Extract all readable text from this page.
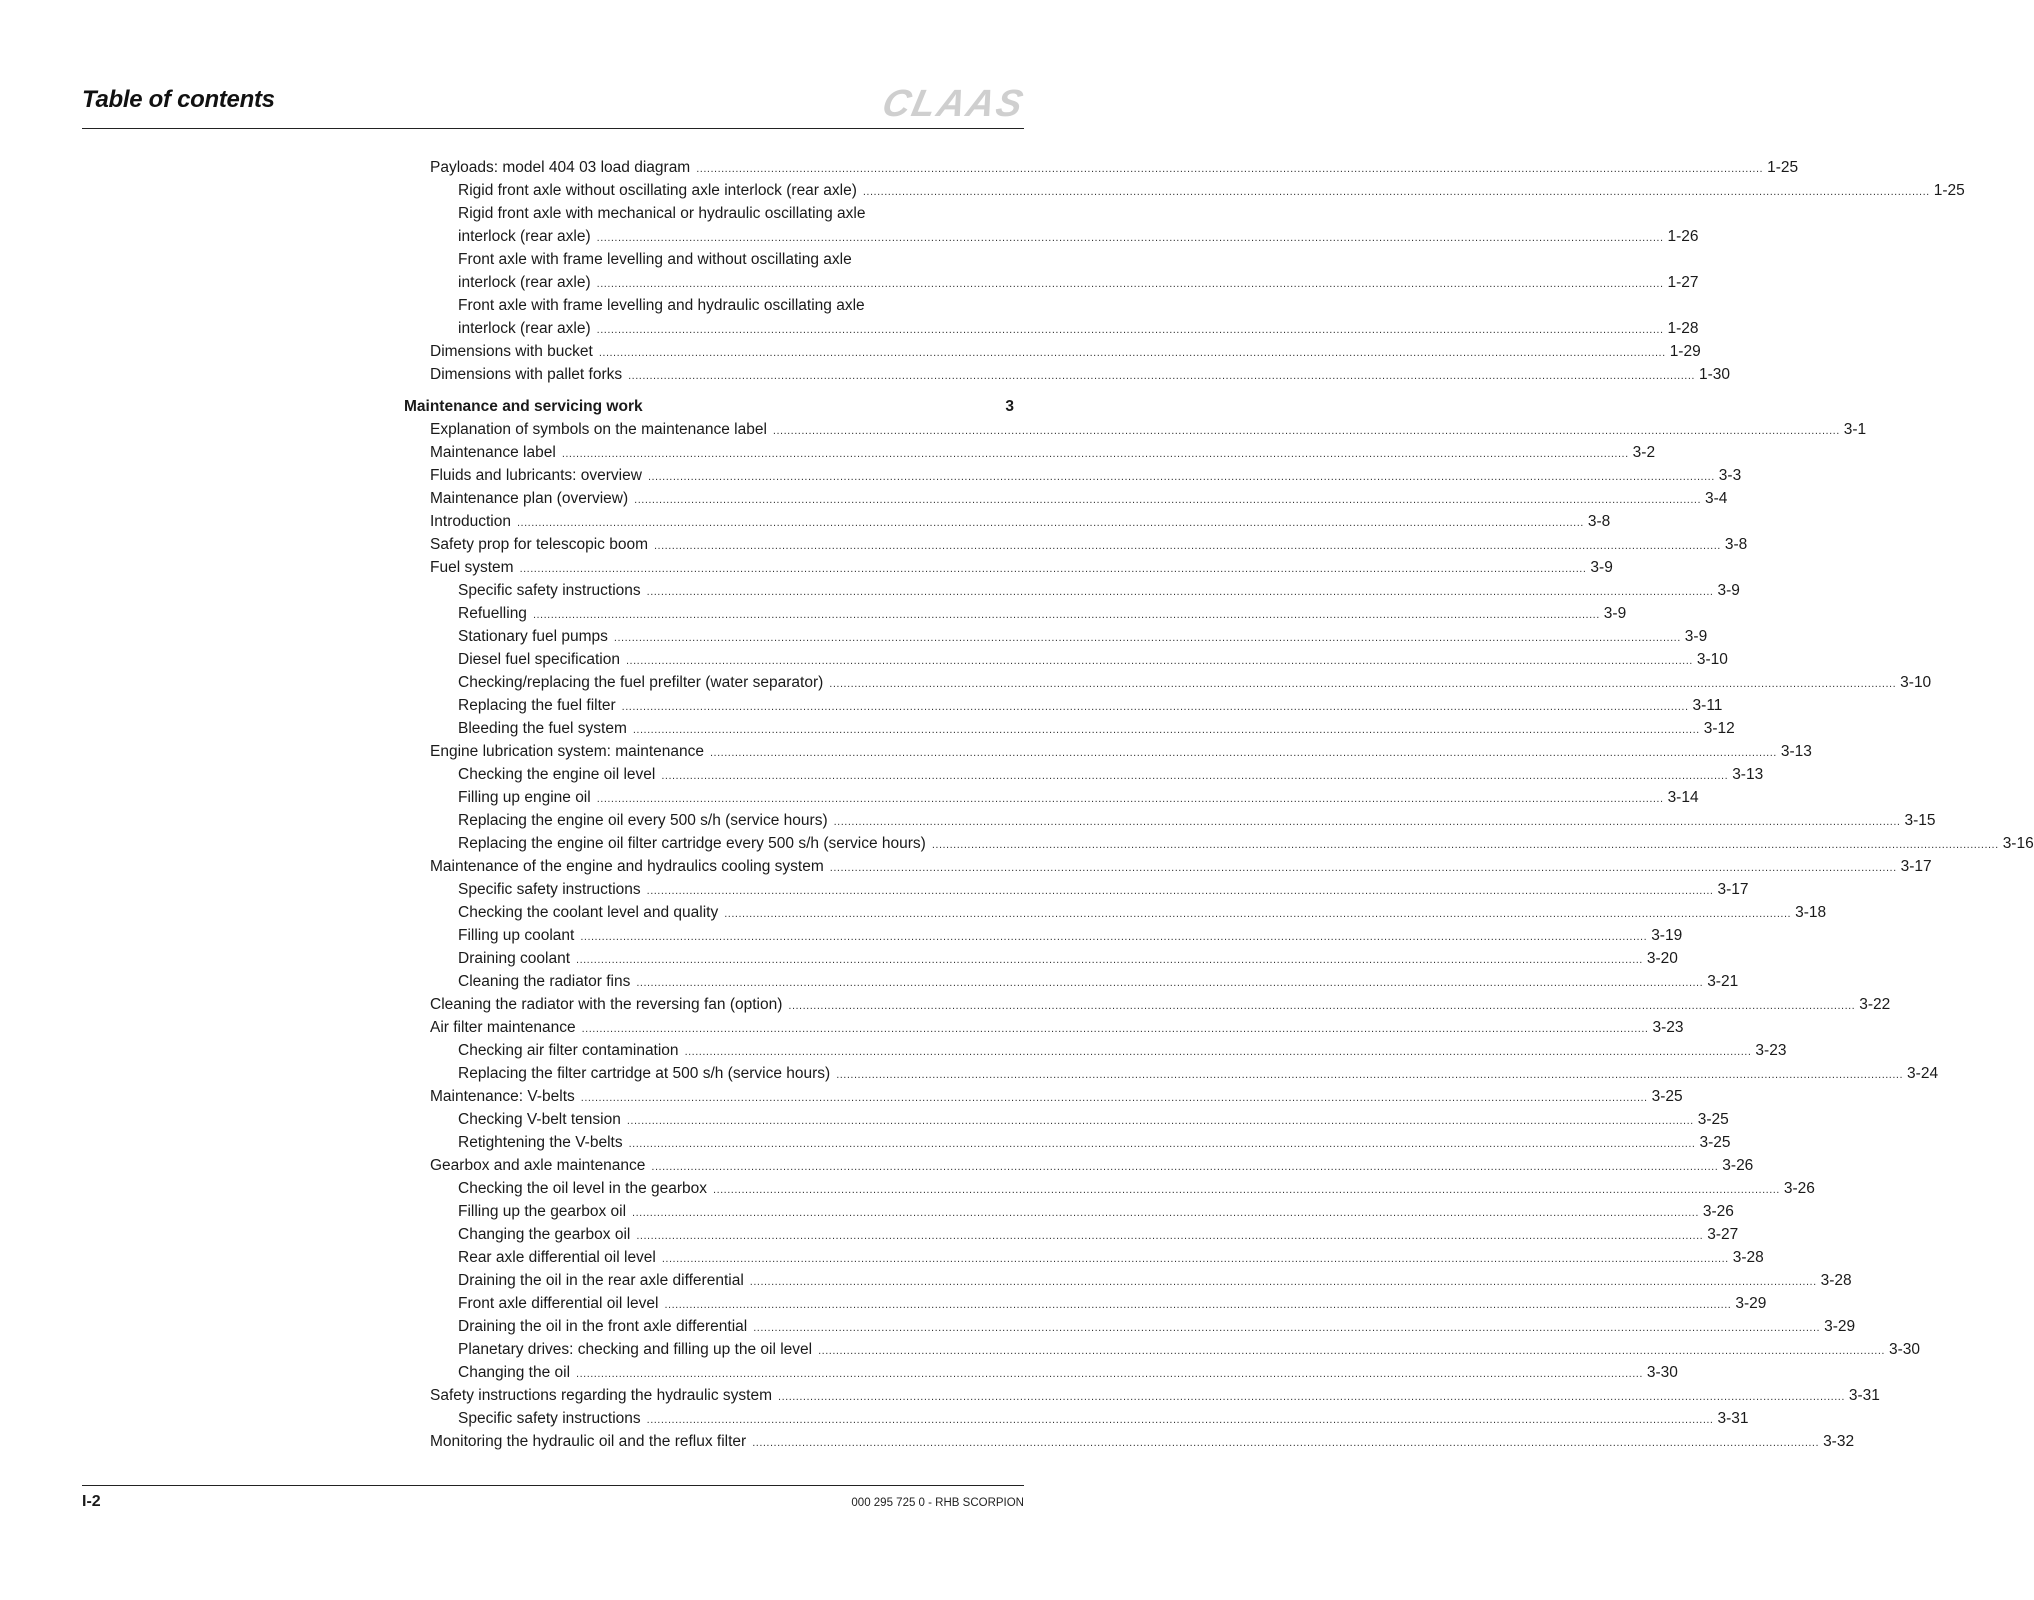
Table of contents	CLAAS
Payloads: model 404 03 load diagram ............................................................................................................................................................................................................................................................................................................ 1-25
Rigid front axle without oscillating axle interlock (rear axle) ............................................................................................................................................................................................................................................................................................................ 1-25
Rigid front axle with mechanical or hydraulic oscillating axle
interlock (rear axle) ............................................................................................................................................................................................................................................................................................................ 1-26
Front axle with frame levelling and without oscillating axle
interlock (rear axle) ............................................................................................................................................................................................................................................................................................................ 1-27
Front axle with frame levelling and hydraulic oscillating axle
interlock (rear axle) ............................................................................................................................................................................................................................................................................................................ 1-28
Dimensions with bucket ............................................................................................................................................................................................................................................................................................................ 1-29
Dimensions with pallet forks ............................................................................................................................................................................................................................................................................................................ 1-30
Maintenance and servicing work	3
Explanation of symbols on the maintenance label ............................................................................................................................................................................................................................................................................................................ 3-1
Maintenance label ............................................................................................................................................................................................................................................................................................................ 3-2
Fluids and lubricants: overview ............................................................................................................................................................................................................................................................................................................ 3-3
Maintenance plan (overview) ............................................................................................................................................................................................................................................................................................................ 3-4
Introduction ............................................................................................................................................................................................................................................................................................................ 3-8
Safety prop for telescopic boom ............................................................................................................................................................................................................................................................................................................ 3-8
Fuel system ............................................................................................................................................................................................................................................................................................................ 3-9
Specific safety instructions ............................................................................................................................................................................................................................................................................................................ 3-9
Refuelling ............................................................................................................................................................................................................................................................................................................ 3-9
Stationary fuel pumps ............................................................................................................................................................................................................................................................................................................ 3-9
Diesel fuel specification ............................................................................................................................................................................................................................................................................................................ 3-10
Checking/replacing the fuel prefilter (water separator) ............................................................................................................................................................................................................................................................................................................ 3-10
Replacing the fuel filter ............................................................................................................................................................................................................................................................................................................ 3-11
Bleeding the fuel system ............................................................................................................................................................................................................................................................................................................ 3-12
Engine lubrication system: maintenance ............................................................................................................................................................................................................................................................................................................ 3-13
Checking the engine oil level ............................................................................................................................................................................................................................................................................................................ 3-13
Filling up engine oil ............................................................................................................................................................................................................................................................................................................ 3-14
Replacing the engine oil every 500 s/h (service hours) ............................................................................................................................................................................................................................................................................................................ 3-15
Replacing the engine oil filter cartridge every 500 s/h (service hours) ............................................................................................................................................................................................................................................................................................................ 3-16
Maintenance of the engine and hydraulics cooling system ............................................................................................................................................................................................................................................................................................................ 3-17
Specific safety instructions ............................................................................................................................................................................................................................................................................................................ 3-17
Checking the coolant level and quality ............................................................................................................................................................................................................................................................................................................ 3-18
Filling up coolant ............................................................................................................................................................................................................................................................................................................ 3-19
Draining coolant ............................................................................................................................................................................................................................................................................................................ 3-20
Cleaning the radiator fins ............................................................................................................................................................................................................................................................................................................ 3-21
Cleaning the radiator with the reversing fan (option) ............................................................................................................................................................................................................................................................................................................ 3-22
Air filter maintenance ............................................................................................................................................................................................................................................................................................................ 3-23
Checking air filter contamination ............................................................................................................................................................................................................................................................................................................ 3-23
Replacing the filter cartridge at 500 s/h (service hours) ............................................................................................................................................................................................................................................................................................................ 3-24
Maintenance: V-belts ............................................................................................................................................................................................................................................................................................................ 3-25
Checking V-belt tension ............................................................................................................................................................................................................................................................................................................ 3-25
Retightening the V-belts ............................................................................................................................................................................................................................................................................................................ 3-25
Gearbox and axle maintenance ............................................................................................................................................................................................................................................................................................................ 3-26
Checking the oil level in the gearbox ............................................................................................................................................................................................................................................................................................................ 3-26
Filling up the gearbox oil ............................................................................................................................................................................................................................................................................................................ 3-26
Changing the gearbox oil ............................................................................................................................................................................................................................................................................................................ 3-27
Rear axle differential oil level ............................................................................................................................................................................................................................................................................................................ 3-28
Draining the oil in the rear axle differential ............................................................................................................................................................................................................................................................................................................ 3-28
Front axle differential oil level ............................................................................................................................................................................................................................................................................................................ 3-29
Draining the oil in the front axle differential ............................................................................................................................................................................................................................................................................................................ 3-29
Planetary drives: checking and filling up the oil level ............................................................................................................................................................................................................................................................................................................ 3-30
Changing the oil ............................................................................................................................................................................................................................................................................................................ 3-30
Safety instructions regarding the hydraulic system ............................................................................................................................................................................................................................................................................................................ 3-31
Specific safety instructions ............................................................................................................................................................................................................................................................................................................ 3-31
Monitoring the hydraulic oil and the reflux filter ............................................................................................................................................................................................................................................................................................................ 3-32
I-2	000 295 725 0 - RHB SCORPION
